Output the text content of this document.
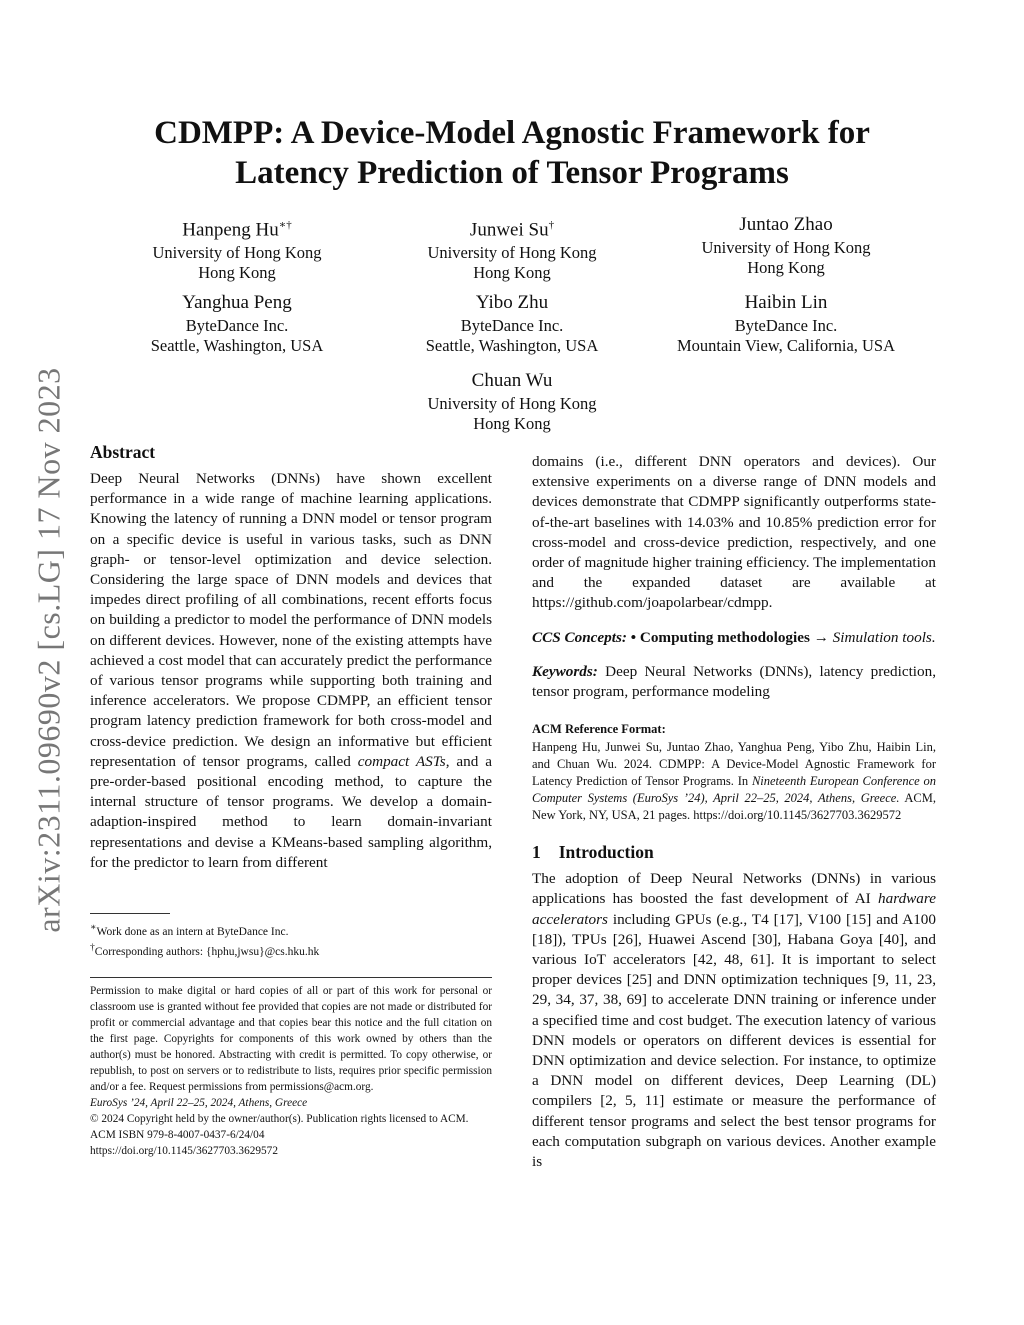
arXiv:2311.09690v2 [cs.LG] 17 Nov 2023
CDMPP: A Device-Model Agnostic Framework for
Latency Prediction of Tensor Programs
Hanpeng Hu∗†
University of Hong Kong
Hong Kong
Junwei Su†
University of Hong Kong
Hong Kong
Juntao Zhao
University of Hong Kong
Hong Kong
Yanghua Peng
ByteDance Inc.
Seattle, Washington, USA
Yibo Zhu
ByteDance Inc.
Seattle, Washington, USA
Haibin Lin
ByteDance Inc.
Mountain View, California, USA
Chuan Wu
University of Hong Kong
Hong Kong
Abstract

Deep Neural Networks (DNNs) have shown excellent performance in a wide range of machine learning applications. Knowing the latency of running a DNN model or tensor program on a specific device is useful in various tasks, such as DNN graph- or tensor-level optimization and device selection. Considering the large space of DNN models and devices that impedes direct profiling of all combinations, recent efforts focus on building a predictor to model the performance of DNN models on different devices. However, none of the existing attempts have achieved a cost model that can accurately predict the performance of various tensor programs while supporting both training and inference accelerators. We propose CDMPP, an efficient tensor program latency prediction framework for both cross-model and cross-device prediction. We design an informative but efficient representation of tensor programs, called compact ASTs, and a pre-order-based positional encoding method, to capture the internal structure of tensor programs. We develop a domain-adaption-inspired method to learn domain-invariant representations and devise a KMeans-based sampling algorithm, for the predictor to learn from different

∗Work done as an intern at ByteDance Inc.
†Corresponding authors: {hphu,jwsu}@cs.hku.hk

Permission to make digital or hard copies of all or part of this work for personal or classroom use is granted without fee provided that copies are not made or distributed for profit or commercial advantage and that copies bear this notice and the full citation on the first page. Copyrights for components of this work owned by others than the author(s) must be honored. Abstracting with credit is permitted. To copy otherwise, or republish, to post on servers or to redistribute to lists, requires prior specific permission and/or a fee. Request permissions from permissions@acm.org.

EuroSys ’24, April 22–25, 2024, Athens, Greece

© 2024 Copyright held by the owner/author(s). Publication rights licensed to ACM.

ACM ISBN 979-8-4007-0437-6/24/04

https://doi.org/10.1145/3627703.3629572

domains (i.e., different DNN operators and devices). Our extensive experiments on a diverse range of DNN models and devices demonstrate that CDMPP significantly outperforms state-of-the-art baselines with 14.03% and 10.85% prediction error for cross-model and cross-device prediction, respectively, and one order of magnitude higher training efficiency. The implementation and the expanded dataset are available at https://github.com/joapolarbear/cdmpp.

CCS Concepts: • Computing methodologies → Simulation tools.

Keywords: Deep Neural Networks (DNNs), latency prediction, tensor program, performance modeling

ACM Reference Format:

Hanpeng Hu, Junwei Su, Juntao Zhao, Yanghua Peng, Yibo Zhu, Haibin Lin, and Chuan Wu. 2024. CDMPP: A Device-Model Agnostic Framework for Latency Prediction of Tensor Programs. In Nineteenth European Conference on Computer Systems (EuroSys ’24), April 22–25, 2024, Athens, Greece. ACM, New York, NY, USA, 21 pages. https://doi.org/10.1145/3627703.3629572

1 Introduction

The adoption of Deep Neural Networks (DNNs) in various applications has boosted the fast development of AI hardware accelerators including GPUs (e.g., T4 [17], V100 [15] and A100 [18]), TPUs [26], Huawei Ascend [30], Habana Goya [40], and various IoT accelerators [42, 48, 61]. It is important to select proper devices [25] and DNN optimization techniques [9, 11, 23, 29, 34, 37, 38, 69] to accelerate DNN training or inference under a specified time and cost budget. The execution latency of various DNN models or operators on different devices is essential for DNN optimization and device selection. For instance, to optimize a DNN model on different devices, Deep Learning (DL) compilers [2, 5, 11] estimate or measure the performance of different tensor programs and select the best tensor programs for each computation subgraph on various devices. Another example is
